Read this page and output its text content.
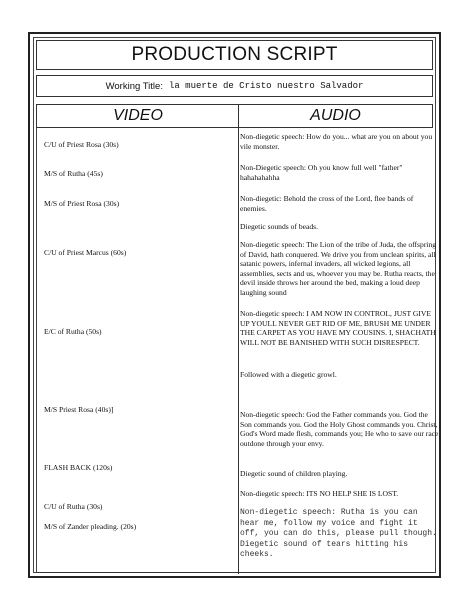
PRODUCTION SCRIPT
Working Title: la muerte de Cristo nuestro Salvador
VIDEO	AUDIO
C/U of Priest Rosa (30s)
M/S of Rutha (45s)
M/S of Priest Rosa (30s)
C/U of Priest Marcus (60s)
E/C of Rutha (50s)
M/S Priest Rosa (40s)]
FLASH BACK (120s)
C/U of Rutha (30s)
M/S of Zander pleading. (20s)
Non-diegetic speech: How do you... what are you on about you vile monster.
Non-Diegetic speech: Oh you know full well "father" hahahahahha
Non-diegetic: Behold the cross of the Lord, flee bands of enemies.
Diegetic sounds of beads.
Non-diegetic speech: The Lion of the tribe of Juda, the offspring of David, hath conquered. We drive you from unclean spirits, all satanic powers, infernal invaders, all wicked legions, all assemblies, sects and us, whoever you may be. Rutha reacts, the devil inside throws her around the bed, making a loud deep laughing sound
Non-diegetic speech: I AM NOW IN CONTROL, JUST GIVE UP YOULL NEVER GET RID OF ME, BRUSH ME UNDER THE CARPET AS YOU HAVE MY COUSINS. I, SHACHATH WILL NOT BE BANISHED WITH SUCH DISRESPECT.
Followed with a diegetic growl.
Non-diegetic speech: God the Father commands you. God the Son commands you. God the Holy Ghost commands you. Christ, God's Word made flesh, commands you; He who to save our race outdone through your envy.
Diegetic sound of children playing.
Non-diegetic speech: ITS NO HELP SHE IS LOST.
Non-diegetic speech: Rutha is you can hear me, follow my voice and fight it off, you can do this, please pull though. Diegetic sound of tears hitting his cheeks.
